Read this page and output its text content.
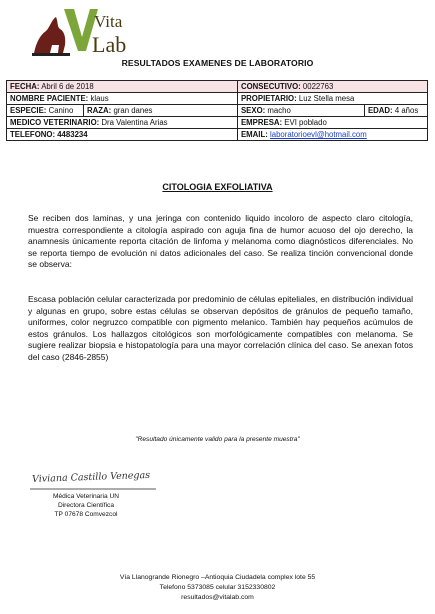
Vita
Lab
RESULTADOS EXAMENES DE LABORATORIO
FECHA: Abril 6 de 2018		CONSECUTIVO: 0022763	
NOMBRE PACIENTE: klaus		PROPIETARIO: Luz Stella mesa	
ESPECIE: Canino	RAZA: gran danes	SEXO: macho	EDAD: 4 años
MEDICO VETERINARIO: Dra Valentina Arias		EMPRESA: EVI poblado	
TELEFONO: 4483234		EMAIL: laboratorioevl@hotmail.com	
CITOLOGIA EXFOLIATIVA

Se reciben dos laminas, y una jeringa con contenido liquido incoloro de aspecto claro citología, muestra correspondiente a citología aspirado con aguja fina de humor acuoso del ojo derecho, la anamnesis únicamente reporta citación de linfoma y melanoma como diagnósticos diferenciales. No se reporta tiempo de evolución ni datos adicionales del caso. Se realiza tinción convencional donde se observa:

Escasa población celular caracterizada por predominio de células epiteliales, en distribución individual y algunas en grupo, sobre estas células se observan depósitos de gránulos de pequeño tamaño, uniformes, color negruzco compatible con pigmento melanico. También hay pequeños acúmulos de estos gránulos. Los hallazgos citológicos son morfológicamente compatibles con melanoma. Se sugiere realizar biopsia e histopatología para una mayor correlación clínica del caso. Se anexan fotos del caso (2846-2855)

"Resultado únicamente valido para la presente muestra"
Viviana Castillo Venegas
Médica Veterinaria UN
Directora Científica
TP 07678 Comvezcol
Vía Llanogrande Rionegro –Antioquia Ciudadela complex lote 55
Telefono 5373085 celular 3152330802
resultados@vitalab.com
